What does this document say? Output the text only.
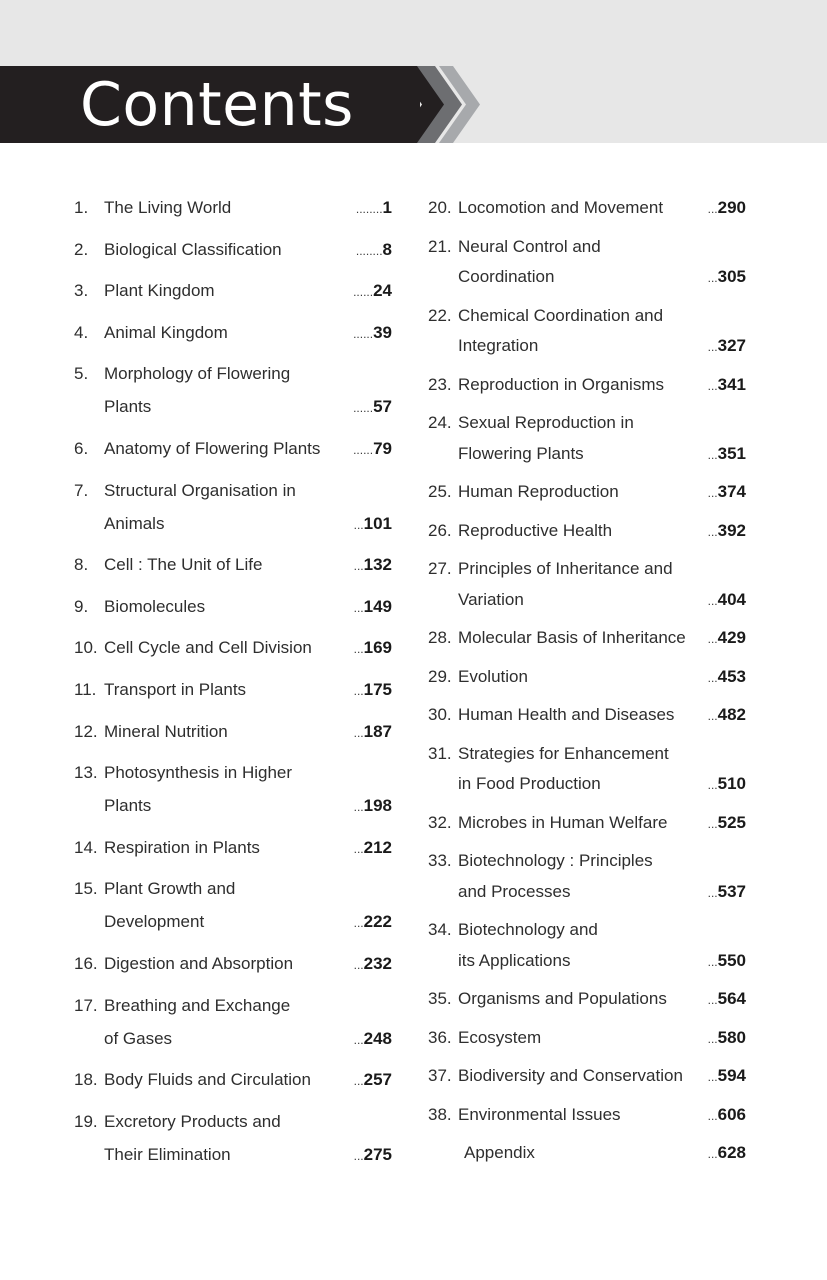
Contents
1. The Living World	........1
2. Biological Classification	........8
3. Plant Kingdom	......24
4. Animal Kingdom	......39
5. Morphology of Flowering
Plants	......57
6. Anatomy of Flowering Plants	......79
7. Structural Organisation in
Animals	...101
8. Cell : The Unit of Life	...132
9. Biomolecules	...149
10. Cell Cycle and Cell Division	...169
11. Transport in Plants	...175
12. Mineral Nutrition	...187
13. Photosynthesis in Higher
Plants	...198
14. Respiration in Plants	...212
15. Plant Growth and
Development	...222
16. Digestion and Absorption	...232
17. Breathing and Exchange
of Gases	...248
18. Body Fluids and Circulation	...257
19. Excretory Products and
Their Elimination	...275
20. Locomotion and Movement	...290
21. Neural Control and
Coordination	...305
22. Chemical Coordination and
Integration	...327
23. Reproduction in Organisms	...341
24. Sexual Reproduction in
Flowering Plants	...351
25. Human Reproduction	...374
26. Reproductive Health	...392
27. Principles of Inheritance and
Variation	...404
28. Molecular Basis of Inheritance ...429
29. Evolution	...453
30. Human Health and Diseases	...482
31. Strategies for Enhancement
in Food Production	...510
32. Microbes in Human Welfare	...525
33. Biotechnology : Principles
and Processes	...537
34. Biotechnology and
its Applications	...550
35. Organisms and Populations	...564
36. Ecosystem	...580
37. Biodiversity and Conservation ...594
38. Environmental Issues	...606
Appendix	...628
